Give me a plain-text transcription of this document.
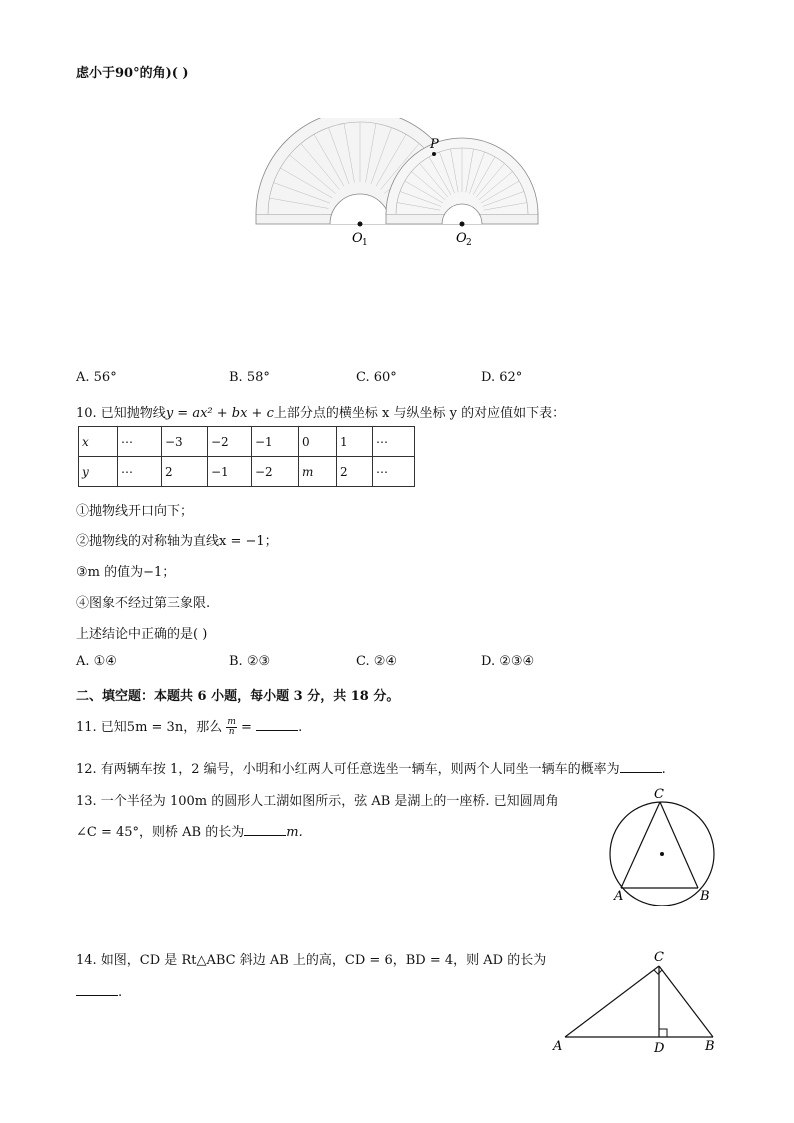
虑小于90°的角)( )
P
O 1	O 2
A. 56°	B. 58°	C. 60°	D. 62°
10. 已知抛物线y = ax² + bx + c上部分点的横坐标 x 与纵坐标 y 的对应值如下表：
x	⋯	−3	−2	−1	0	1	⋯
y	⋯	2	−1	−2	m	2	⋯
①抛物线开口向下；
②抛物线的对称轴为直线x = −1；
③m 的值为−1；
④图象不经过第三象限.
上述结论中正确的是( )
A. ①④	B. ②③	C. ②④	D. ②③④
二、填空题：本题共 6 小题，每小题 3 分，共 18 分。
11. 已知5m = 3n，那么 $\frac{m}{n}$ =	.
12. 有两辆车按 1，2 编号，小明和小红两人可任意选坐一辆车，则两个人同坐一辆车的概率为	.
13. 一个半径为 100m 的圆形人工湖如图所示，弦 AB 是湖上的一座桥. 已知圆周角
∠C = 45°，则桥 AB 的长为	m.
C
A	B
14. 如图，CD 是 Rt△ABC 斜边 AB 上的高，CD = 6，BD = 4，则 AD 的长为
.
C
A	D	B
